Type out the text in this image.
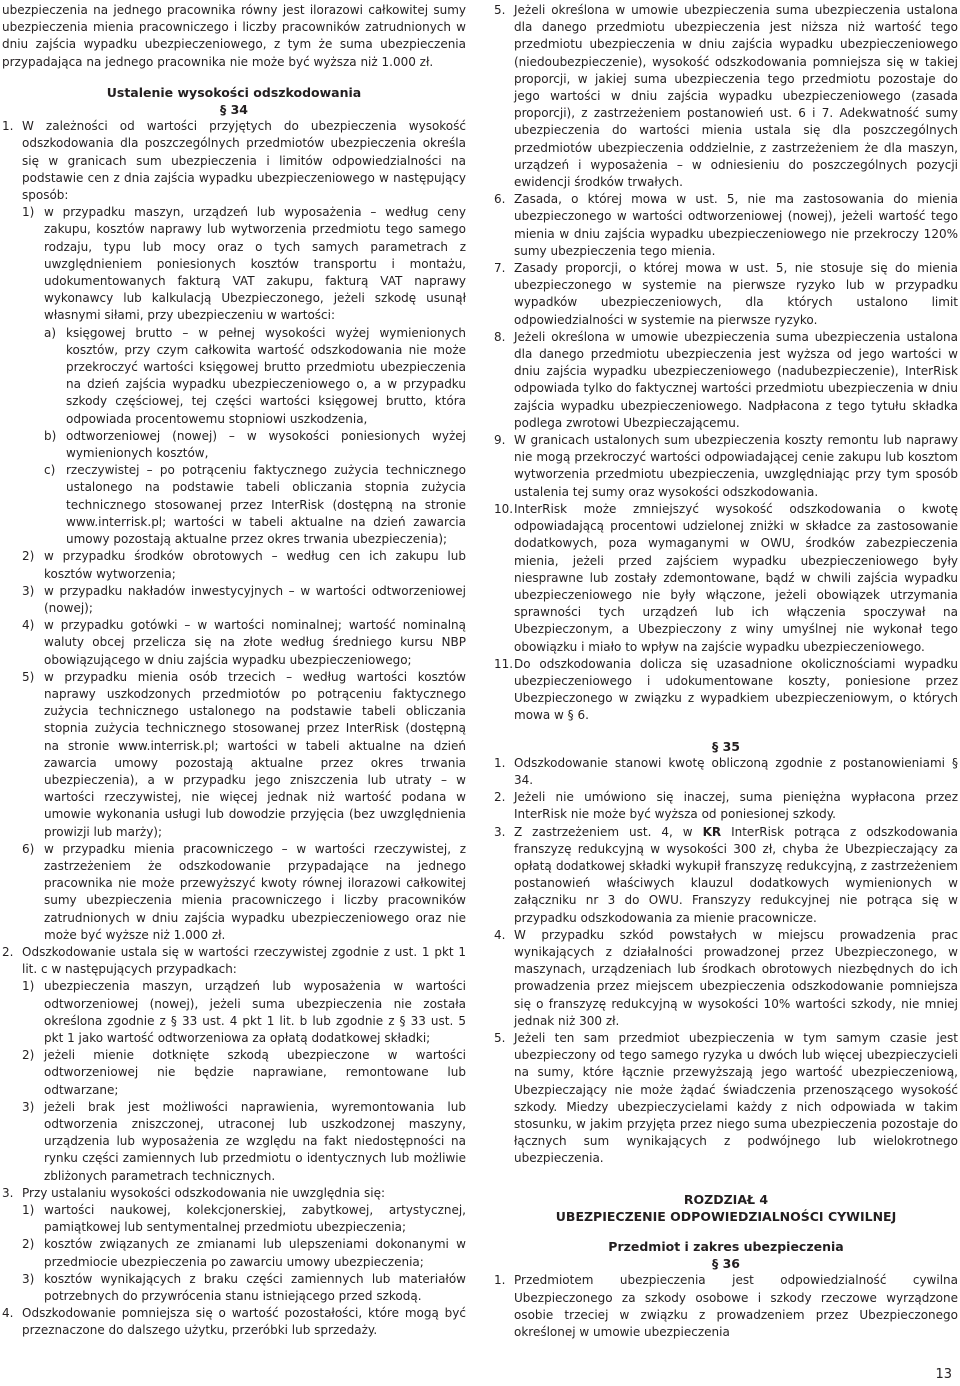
ubezpieczenia na jednego pracownika równy jest ilorazowi całkowitej sumy ubezpieczenia mienia pracowniczego i liczby pracowników zatrudnionych w dniu zajścia wypadku ubezpieczeniowego, z tym że suma ubezpieczenia przypadająca na jednego pracownika nie może być wyższa niż 1.000 zł.

Ustalenie wysokości odszkodowania

§ 34

1. W zależności od wartości przyjętych do ubezpieczenia wysokość odszkodowania dla poszczególnych przedmiotów ubezpieczenia określa się w granicach sum ubezpieczenia i limitów odpowiedzialności na podstawie cen z dnia zajścia wypadku ubezpieczeniowego w następujący sposób:

1) w przypadku maszyn, urządzeń lub wyposażenia – według ceny zakupu, kosztów naprawy lub wytworzenia przedmiotu tego samego rodzaju, typu lub mocy oraz o tych samych parametrach z uwzględnieniem poniesionych kosztów transportu i montażu, udokumentowanych fakturą VAT zakupu, fakturą VAT naprawy wykonawcy lub kalkulacją Ubezpieczonego, jeżeli szkodę usunął własnymi siłami, przy ubezpieczeniu w wartości:

a) księgowej brutto – w pełnej wysokości wyżej wymienionych kosztów, przy czym całkowita wartość odszkodowania nie może przekroczyć wartości księgowej brutto przedmiotu ubezpieczenia na dzień zajścia wypadku ubezpieczeniowego o, a w przypadku szkody częściowej, tej części wartości księgowej brutto, która odpowiada procentowemu stopniowi uszkodzenia,

b) odtworzeniowej (nowej) – w wysokości poniesionych wyżej wymienionych kosztów,

c) rzeczywistej – po potrąceniu faktycznego zużycia technicznego ustalonego na podstawie tabeli obliczania stopnia zużycia technicznego stosowanej przez InterRisk (dostępną na stronie www.interrisk.pl; wartości w tabeli aktualne na dzień zawarcia umowy pozostają aktualne przez okres trwania ubezpieczenia);

2) w przypadku środków obrotowych – według cen ich zakupu lub kosztów wytworzenia;

3) w przypadku nakładów inwestycyjnych – w wartości odtworzeniowej (nowej);

4) w przypadku gotówki – w wartości nominalnej; wartość nominalną waluty obcej przelicza się na złote według średniego kursu NBP obowiązującego w dniu zajścia wypadku ubezpieczeniowego;

5) w przypadku mienia osób trzecich – według wartości kosztów naprawy uszkodzonych przedmiotów po potrąceniu faktycznego zużycia technicznego ustalonego na podstawie tabeli obliczania stopnia zużycia technicznego stosowanej przez InterRisk (dostępną na stronie www.interrisk.pl; wartości w tabeli aktualne na dzień zawarcia umowy pozostają aktualne przez okres trwania ubezpieczenia), a w przypadku jego zniszczenia lub utraty – w wartości rzeczywistej, nie więcej jednak niż wartość podana w umowie wykonania usługi lub dowodzie przyjęcia (bez uwzględnienia prowizji lub marży);

6) w przypadku mienia pracowniczego – w wartości rzeczywistej, z zastrzeżeniem że odszkodowanie przypadające na jednego pracownika nie może przewyższyć kwoty równej ilorazowi całkowitej sumy ubezpieczenia mienia pracowniczego i liczby pracowników zatrudnionych w dniu zajścia wypadku ubezpieczeniowego oraz nie może być wyższe niż 1.000 zł.

2. Odszkodowanie ustala się w wartości rzeczywistej zgodnie z ust. 1 pkt 1 lit. c w następujących przypadkach:

1) ubezpieczenia maszyn, urządzeń lub wyposażenia w wartości odtworzeniowej (nowej), jeżeli suma ubezpieczenia nie została określona zgodnie z § 33 ust. 4 pkt 1 lit. b lub zgodnie z § 33 ust. 5 pkt 1 jako wartość odtworzeniowa za opłatą dodatkowej składki;

2) jeżeli mienie dotknięte szkodą ubezpieczone w wartości odtworzeniowej nie będzie naprawiane, remontowane lub odtwarzane;

3) jeżeli brak jest możliwości naprawienia, wyremontowania lub odtworzenia zniszczonej, utraconej lub uszkodzonej maszyny, urządzenia lub wyposażenia ze względu na fakt niedostępności na rynku części zamiennych lub przedmiotu o identycznych lub możliwie zbliżonych parametrach technicznych.

3. Przy ustalaniu wysokości odszkodowania nie uwzględnia się:

1) wartości naukowej, kolekcjonerskiej, zabytkowej, artystycznej, pamiątkowej lub sentymentalnej przedmiotu ubezpieczenia;

2) kosztów związanych ze zmianami lub ulepszeniami dokonanymi w przedmiocie ubezpieczenia po zawarciu umowy ubezpieczenia;

3) kosztów wynikających z braku części zamiennych lub materiałów potrzebnych do przywrócenia stanu istniejącego przed szkodą.

4. Odszkodowanie pomniejsza się o wartość pozostałości, które mogą być przeznaczone do dalszego użytku, przeróbki lub sprzedaży.

5. Jeżeli określona w umowie ubezpieczenia suma ubezpieczenia ustalona dla danego przedmiotu ubezpieczenia jest niższa niż wartość tego przedmiotu ubezpieczenia w dniu zajścia wypadku ubezpieczeniowego (niedoubezpieczenie), wysokość odszkodowania pomniejsza się w takiej proporcji, w jakiej suma ubezpieczenia tego przedmiotu pozostaje do jego wartości w dniu zajścia wypadku ubezpieczeniowego (zasada proporcji), z zastrzeżeniem postanowień ust. 6 i 7. Adekwatność sumy ubezpieczenia do wartości mienia ustala się dla poszczególnych przedmiotów ubezpieczenia oddzielnie, z zastrzeżeniem że dla maszyn, urządzeń i wyposażenia – w odniesieniu do poszczególnych pozycji ewidencji środków trwałych.

6. Zasada, o której mowa w ust. 5, nie ma zastosowania do mienia ubezpieczonego w wartości odtworzeniowej (nowej), jeżeli wartość tego mienia w dniu zajścia wypadku ubezpieczeniowego nie przekroczy 120% sumy ubezpieczenia tego mienia.

7. Zasady proporcji, o której mowa w ust. 5, nie stosuje się do mienia ubezpieczonego w systemie na pierwsze ryzyko lub w przypadku wypadków ubezpieczeniowych, dla których ustalono limit odpowiedzialności w systemie na pierwsze ryzyko.

8. Jeżeli określona w umowie ubezpieczenia suma ubezpieczenia ustalona dla danego przedmiotu ubezpieczenia jest wyższa od jego wartości w dniu zajścia wypadku ubezpieczeniowego (nadubezpieczenie), InterRisk odpowiada tylko do faktycznej wartości przedmiotu ubezpieczenia w dniu zajścia wypadku ubezpieczeniowego. Nadpłacona z tego tytułu składka podlega zwrotowi Ubezpieczającemu.

9. W granicach ustalonych sum ubezpieczenia koszty remontu lub naprawy nie mogą przekroczyć wartości odpowiadającej cenie zakupu lub kosztom wytworzenia przedmiotu ubezpieczenia, uwzględniając przy tym sposób ustalenia tej sumy oraz wysokości odszkodowania.

10. InterRisk może zmniejszyć wysokość odszkodowania o kwotę odpowiadającą procentowi udzielonej zniżki w składce za zastosowanie dodatkowych, poza wymaganymi w OWU, środków zabezpieczenia mienia, jeżeli przed zajściem wypadku ubezpieczeniowego były niesprawne lub zostały zdemontowane, bądź w chwili zajścia wypadku ubezpieczeniowego nie były włączone, jeżeli obowiązek utrzymania sprawności tych urządzeń lub ich włączenia spoczywał na Ubezpieczonym, a Ubezpieczony z winy umyślnej nie wykonał tego obowiązku i miało to wpływ na zajście wypadku ubezpieczeniowego.

11. Do odszkodowania dolicza się uzasadnione okolicznościami wypadku ubezpieczeniowego i udokumentowane koszty, poniesione przez Ubezpieczonego w związku z wypadkiem ubezpieczeniowym, o których mowa w § 6.

§ 35

1. Odszkodowanie stanowi kwotę obliczoną zgodnie z postanowieniami § 34.

2. Jeżeli nie umówiono się inaczej, suma pieniężna wypłacona przez InterRisk nie może być wyższa od poniesionej szkody.

3. Z zastrzeżeniem ust. 4, w KR InterRisk potrąca z odszkodowania franszyzę redukcyjną w wysokości 300 zł, chyba że Ubezpieczający za opłatą dodatkowej składki wykupił franszyzę redukcyjną, z zastrzeżeniem postanowień właściwych klauzul dodatkowych wymienionych w załączniku nr 3 do OWU. Franszyzy redukcyjnej nie potrąca się w przypadku odszkodowania za mienie pracownicze.

4. W przypadku szkód powstałych w miejscu prowadzenia prac wynikających z działalności prowadzonej przez Ubezpieczonego, w maszynach, urządzeniach lub środkach obrotowych niezbędnych do ich prowadzenia przez miejscem ubezpieczenia odszkodowanie pomniejsza się o franszyzę redukcyjną w wysokości 10% wartości szkody, nie mniej jednak niż 300 zł.

5. Jeżeli ten sam przedmiot ubezpieczenia w tym samym czasie jest ubezpieczony od tego samego ryzyka u dwóch lub więcej ubezpieczycieli na sumy, które łącznie przewyższają jego wartość ubezpieczeniową, Ubezpieczający nie może żądać świadczenia przenoszącego wysokość szkody. Miedzy ubezpieczycielami każdy z nich odpowiada w takim stosunku, w jakim przyjęta przez niego suma ubezpieczenia pozostaje do łącznych sum wynikających z podwójnego lub wielokrotnego ubezpieczenia.

ROZDZIAŁ 4

UBEZPIECZENIE ODPOWIEDZIALNOŚCI CYWILNEJ

Przedmiot i zakres ubezpieczenia

§ 36

1. Przedmiotem ubezpieczenia jest odpowiedzialność cywilna Ubezpieczonego za szkody osobowe i szkody rzeczowe wyrządzone osobie trzeciej w związku z prowadzeniem przez Ubezpieczonego określonej w umowie ubezpieczenia

13
